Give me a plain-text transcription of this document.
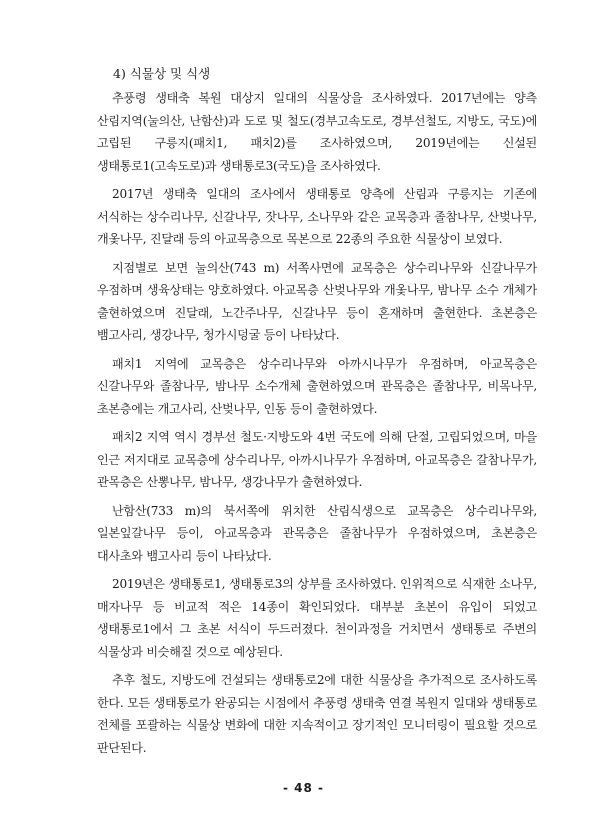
4) 식물상 및 식생

추풍령 생태축 복원 대상지 일대의 식물상을 조사하였다. 2017년에는 양측 산림지역(눌의산, 난함산)과 도로 및 철도(경부고속도로, 경부선철도, 지방도, 국도)에 고립된 구릉지(패치1, 패치2)를 조사하였으며, 2019년에는 신설된 생태통로1(고속도로)과 생태통로3(국도)을 조사하였다.

2017년 생태축 일대의 조사에서 생태통로 양측에 산림과 구릉지는 기존에 서식하는 상수리나무, 신갈나무, 잣나무, 소나무와 같은 교목층과 졸참나무, 산벚나무, 개옻나무, 진달래 등의 아교목층으로 목본으로 22종의 주요한 식물상이 보였다.

지점별로 보면 눌의산(743 m) 서쪽사면에 교목층은 상수리나무와 신갈나무가 우점하며 생육상태는 양호하였다. 아교목층 산벚나무와 개옻나무, 밤나무 소수 개체가 출현하였으며 진달래, 노간주나무, 신갈나무 등이 혼재하며 출현한다. 초본층은 뱀고사리, 생강나무, 청가시덩굴 등이 나타났다.

패치1 지역에 교목층은 상수리나무와 아까시나무가 우점하며, 아교목층은 신갈나무와 졸참나무, 밤나무 소수개체 출현하였으며 관목층은 졸참나무, 비목나무, 초본층에는 개고사리, 산벚나무, 인동 등이 출현하였다.

패치2 지역 역시 경부선 철도·지방도와 4번 국도에 의해 단절, 고립되었으며, 마을 인근 저지대로 교목층에 상수리나무, 아까시나무가 우점하며, 아교목층은 갈참나무가, 관목층은 산뽕나무, 밤나무, 생강나무가 출현하였다.

난함산(733 m)의 북서쪽에 위치한 산림식생으로 교목층은 상수리나무와, 일본잎갈나무 등이, 아교목층과 관목층은 졸참나무가 우점하였으며, 초본층은 대사초와 뱀고사리 등이 나타났다.

2019년은 생태통로1, 생태통로3의 상부를 조사하였다. 인위적으로 식재한 소나무, 매자나무 등 비교적 적은 14종이 확인되었다. 대부분 초본이 유입이 되었고 생태통로1에서 그 초본 서식이 두드러졌다. 천이과정을 거치면서 생태통로 주변의 식물상과 비슷해질 것으로 예상된다.

추후 철도, 지방도에 건설되는 생태통로2에 대한 식물상을 추가적으로 조사하도록 한다. 모든 생태통로가 완공되는 시점에서 추풍령 생태축 연결 복원지 일대와 생태통로 전체를 포괄하는 식물상 변화에 대한 지속적이고 장기적인 모니터링이 필요할 것으로 판단된다.

- 48 -
